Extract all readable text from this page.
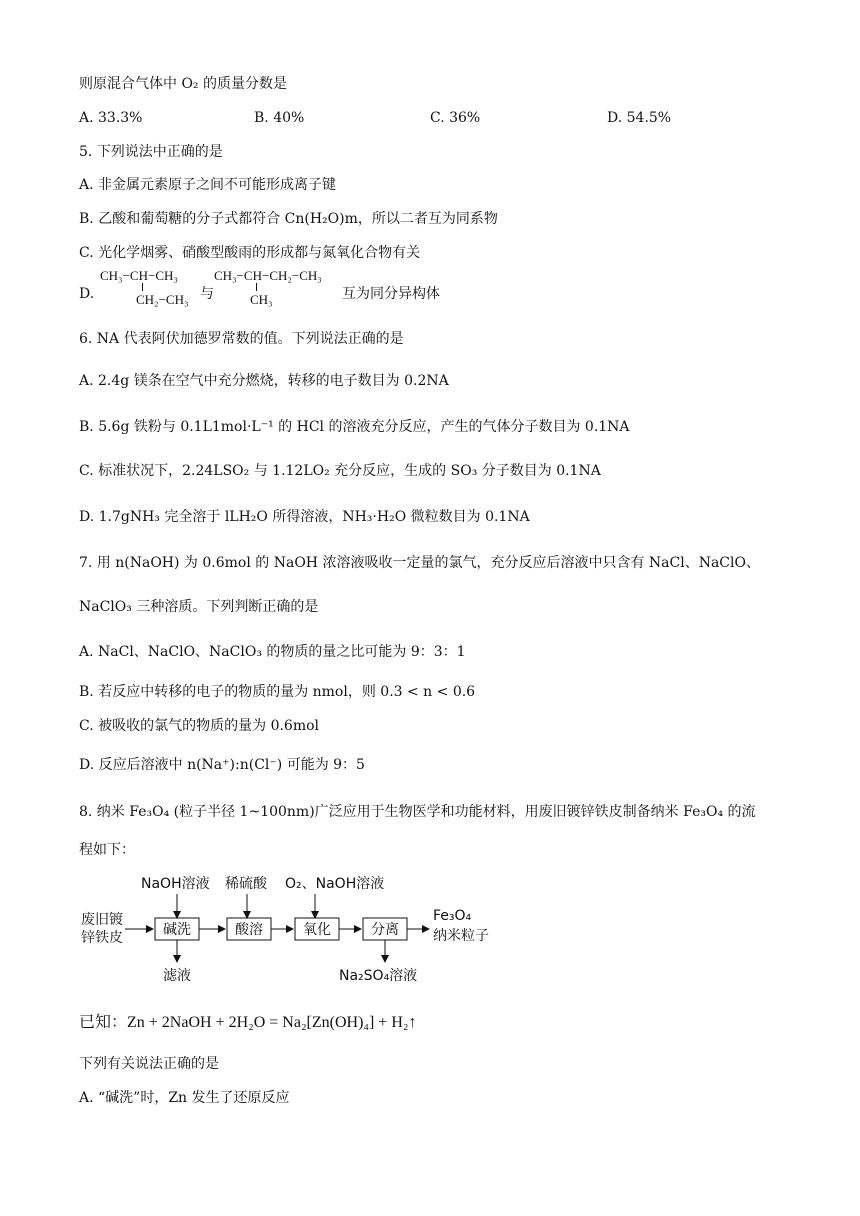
则原混合气体中 O₂ 的质量分数是
A. 33.3%	B. 40%	C. 36%	D. 54.5%
5. 下列说法中正确的是
A. 非金属元素原子之间不可能形成离子键
B. 乙酸和葡萄糖的分子式都符合 Cn(H₂O)m，所以二者互为同系物
C. 光化学烟雾、硝酸型酸雨的形成都与氮氧化合物有关
D.
CH₃−CH−CH₃
CH₂−CH₃ 与
CH₃−CH−CH₂−CH₃
CH₃	互为同分异构体
6. NA 代表阿伏加德罗常数的值。下列说法正确的是
A. 2.4g 镁条在空气中充分燃烧，转移的电子数目为 0.2NA
B. 5.6g 铁粉与 0.1L1mol·L⁻¹ 的 HCl 的溶液充分反应，产生的气体分子数目为 0.1NA
C. 标准状况下，2.24LSO₂ 与 1.12LO₂ 充分反应，生成的 SO₃ 分子数目为 0.1NA
D. 1.7gNH₃ 完全溶于 lLH₂O 所得溶液，NH₃·H₂O 微粒数目为 0.1NA
7. 用 n(NaOH) 为 0.6mol 的 NaOH 浓溶液吸收一定量的氯气，充分反应后溶液中只含有 NaCl、NaClO、
NaClO₃ 三种溶质。下列判断正确的是
A. NaCl、NaClO、NaClO₃ 的物质的量之比可能为 9：3：1
B. 若反应中转移的电子的物质的量为 nmol，则 0.3 < n < 0.6
C. 被吸收的氯气的物质的量为 0.6mol
D. 反应后溶液中 n(Na⁺):n(Cl⁻) 可能为 9：5
8. 纳米 Fe₃O₄ (粒子半径 1~100nm)广泛应用于生物医学和功能材料，用废旧镀锌铁皮制备纳米 Fe₃O₄ 的流
程如下：
NaOH溶液 稀硫酸 O₂、NaOH溶液
废旧镀
锌铁皮	碱洗	酸溶	氧化	分离
Fe₃O₄
纳米粒子
滤液	Na₂SO₄溶液
已知：Zn + 2NaOH + 2H₂O = Na₂[Zn(OH)₄] + H₂↑
下列有关说法正确的是
A. “碱洗”时，Zn 发生了还原反应
